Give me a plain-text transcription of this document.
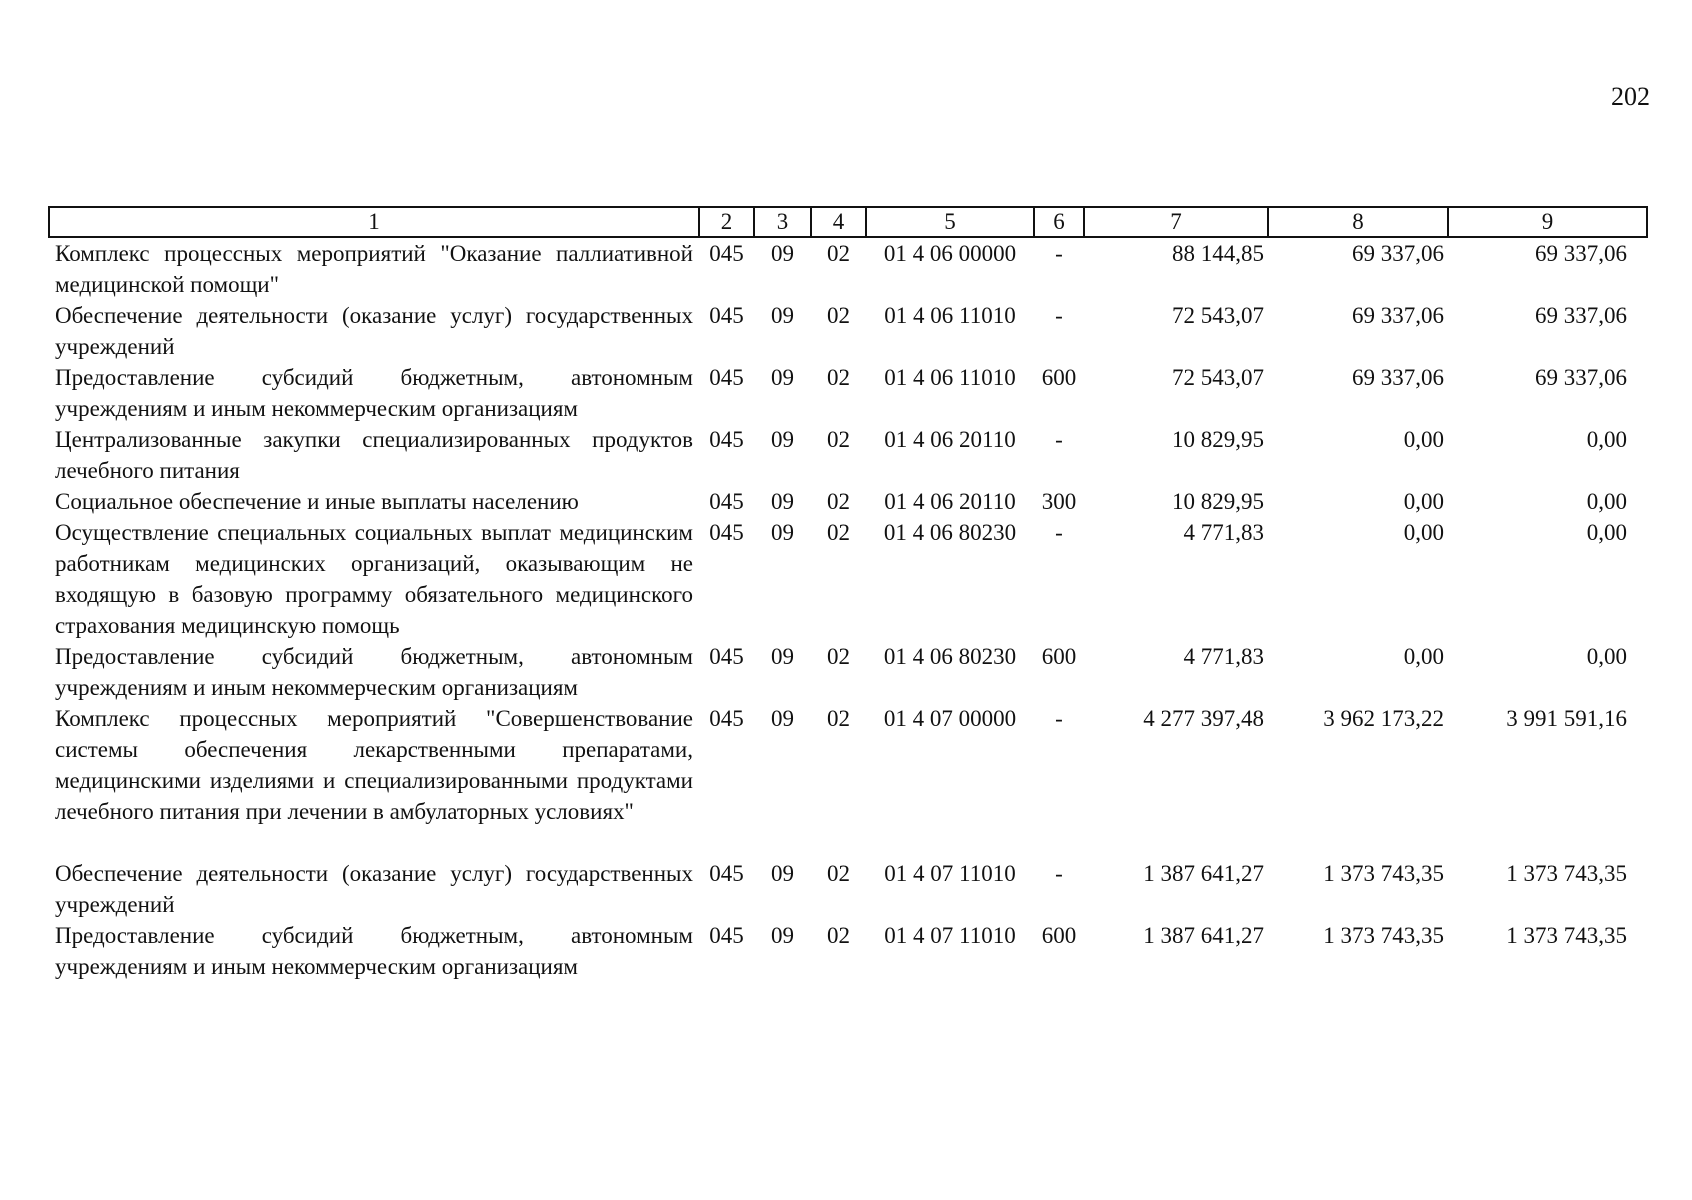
202
1	2	3	4	5	6	7	8	9
Комплекс процессных мероприятий "Оказание паллиативной медицинской помощи"	045	09	02	01 4 06 00000	-	88 144,85	69 337,06	69 337,06
Обеспечение деятельности (оказание услуг) государственных учреждений	045	09	02	01 4 06 11010	-	72 543,07	69 337,06	69 337,06
Предоставление субсидий бюджетным, автономным учреждениям и иным некоммерческим организациям	045	09	02	01 4 06 11010	600	72 543,07	69 337,06	69 337,06
Централизованные закупки специализированных продуктов лечебного питания	045	09	02	01 4 06 20110	-	10 829,95	0,00	0,00
Социальное обеспечение и иные выплаты населению	045	09	02	01 4 06 20110	300	10 829,95	0,00	0,00
Осуществление специальных социальных выплат медицинским работникам медицинских организаций, оказывающим не входящую в базовую программу обязательного медицинского страхования медицинскую помощь	045	09	02	01 4 06 80230	-	4 771,83	0,00	0,00
Предоставление субсидий бюджетным, автономным учреждениям и иным некоммерческим организациям	045	09	02	01 4 06 80230	600	4 771,83	0,00	0,00
Комплекс процессных мероприятий "Совершенствование системы обеспечения лекарственными препаратами, медицинскими изделиями и специализированными продуктами лечебного питания при лечении в амбулаторных условиях"	045	09	02	01 4 07 00000	-	4 277 397,48	3 962 173,22	3 991 591,16
Обеспечение деятельности (оказание услуг) государственных учреждений	045	09	02	01 4 07 11010	-	1 387 641,27	1 373 743,35	1 373 743,35
Предоставление субсидий бюджетным, автономным учреждениям и иным некоммерческим организациям	045	09	02	01 4 07 11010	600	1 387 641,27	1 373 743,35	1 373 743,35
